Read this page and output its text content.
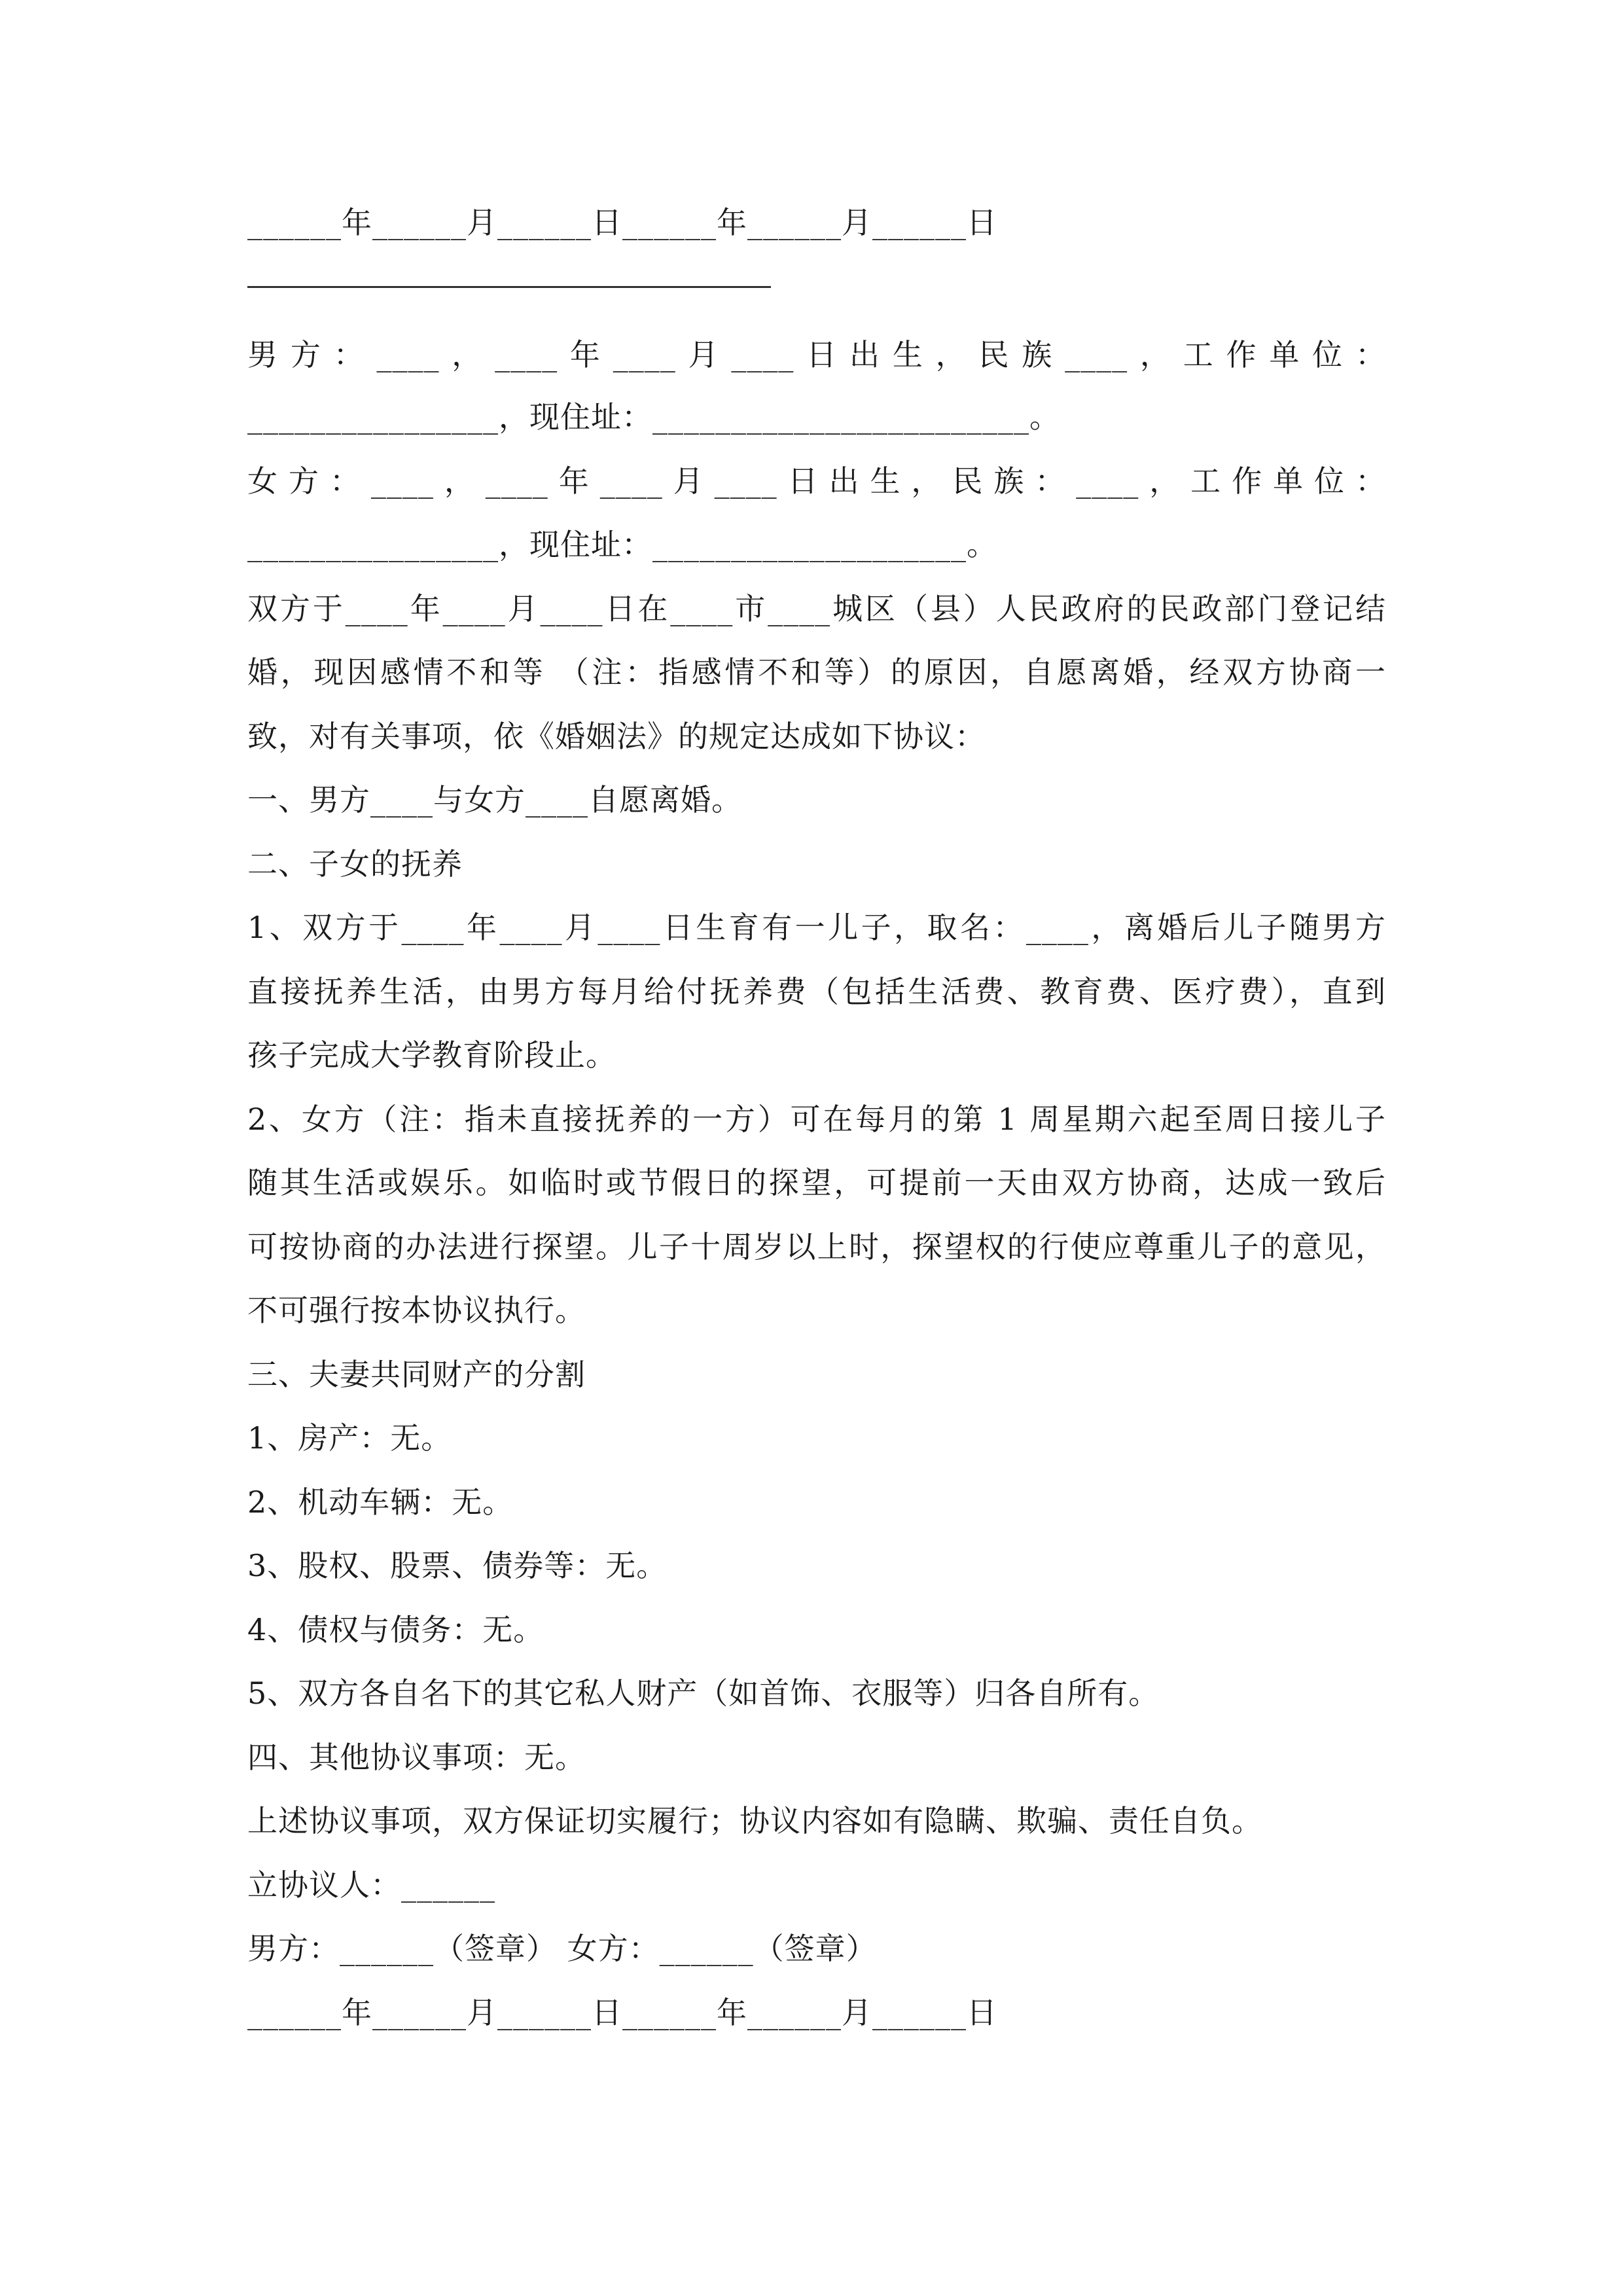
______年______月______日______年______月______日
男方：____，____年____月____日出生，民族____，工作单位：
________________，现住址：________________________。
女方：____，____年____月____日出生，民族：____，工作单位：
________________，现住址：____________________。
双方于____年____月____日在____市____城区（县）人民政府的民政部门登记结
婚，现因感情不和等 （注：指感情不和等）的原因，自愿离婚，经双方协商一
致，对有关事项，依《婚姻法》的规定达成如下协议：
一、男方____与女方____自愿离婚。
二、子女的抚养
1、双方于____年____月____日生育有一儿子，取名：____，离婚后儿子随男方
直接抚养生活，由男方每月给付抚养费（包括生活费、教育费、医疗费），直到
孩子完成大学教育阶段止。
2、女方（注：指未直接抚养的一方）可在每月的第 1 周星期六起至周日接儿子
随其生活或娱乐。如临时或节假日的探望，可提前一天由双方协商，达成一致后
可按协商的办法进行探望。儿子十周岁以上时，探望权的行使应尊重儿子的意见，
不可强行按本协议执行。
三、夫妻共同财产的分割
1、房产：无。
2、机动车辆：无。
3、股权、股票、债券等：无。
4、债权与债务：无。
5、双方各自名下的其它私人财产（如首饰、衣服等）归各自所有。
四、其他协议事项：无。
上述协议事项，双方保证切实履行；协议内容如有隐瞒、欺骗、责任自负。
立协议人：______
男方：______（签章） 女方：______（签章）
______年______月______日______年______月______日
